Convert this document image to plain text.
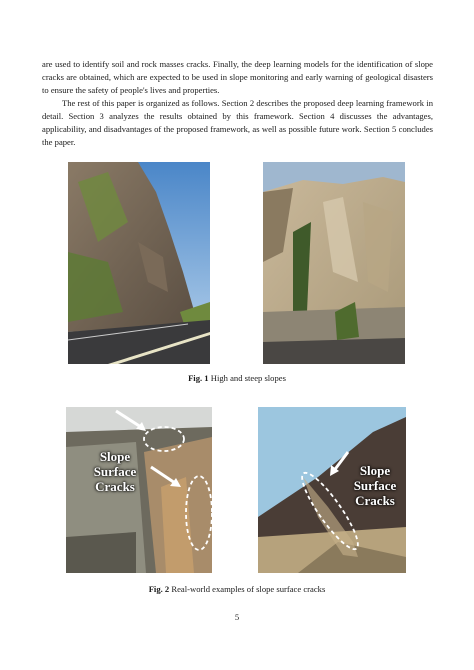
are used to identify soil and rock masses cracks. Finally, the deep learning models for the identification of slope cracks are obtained, which are expected to be used in slope monitoring and early warning of geological disasters to ensure the safety of people's lives and properties.

The rest of this paper is organized as follows. Section 2 describes the proposed deep learning framework in detail. Section 3 analyzes the results obtained by this framework. Section 4 discusses the advantages, applicability, and disadvantages of the proposed framework, as well as possible future work. Section 5 concludes the paper.

Fig. 1 High and steep slopes
Slope
Surface
Cracks
Slope
Surface
Cracks
Fig. 2 Real-world examples of slope surface cracks
5
